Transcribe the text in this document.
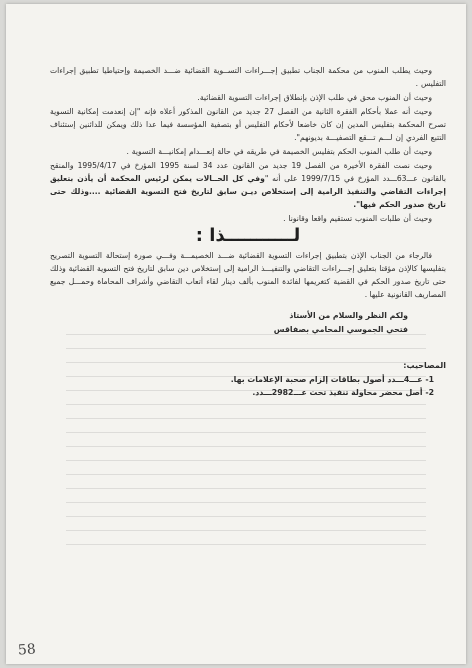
وحيث يطلب المنوب من محكمة الجناب تطبيق إجـــراءات التســوية القضائية ضـــد الخصيمة وإحتياطيا تطبيق إجراءات التفليس .

وحيث أن المنوب محق في طلب الإذن بإنطلاق إجراءات التسوية القضائية.

وحيث أنه عملا بأحكام الفقرة الثانية من الفصل 27 جديد من القانون المذكور أعلاه فإنه "إن إنعدمت إمكانية التسوية تصرح المحكمة بتفليس المدين إن كان خاضعا لأحكام التفليس أو بتصفية المؤسسة فيما عدا ذلك ويمكن للدائنين إستئناف التتبع الفردي إن لـــم تـــقع التصفيـــة بديونهم".

وحيث أن طلب المنوب الحكم بتفليس الخصيمة في طريقه في حالة إنعـــدام إمكانيـــة التسوية .

وحيث نصت الفقرة الأخيرة من الفصل 19 جديد من القانون عدد 34 لسنة 1995 المؤرخ في 1995/4/17 والمنقح بالقانون عـــ63ـــدد المؤرخ في 1999/7/15 على أنه "وفي كل الحــالات يمكن لرئيس المحكمة أن يأذن بتعليق إجراءات التقاضي والتنفيذ الرامية إلى إستخلاص ديـن سابق لتاريخ فتح التسوية القضائية ....وذلك حتى تاريخ صدور الحكم فيها".

وحيث أن طلبات المنوب تستقيم واقعا وقانونا .

لـــــــــــذا :

فالرجاء من الجناب الإذن بتطبيق إجراءات التسوية القضائية ضـــد الخصيمـــة وفـــي صورة إستحالة التسوية التصريح بتفليسها كالإذن مؤقتا بتعليق إجـــراءات التقاضي والتنفيـــذ الرامية إلى إستخلاص دين سابق لتاريخ فتح التسوية القضائية وذلك حتى تاريخ صدور الحكم في القضية كتغريمها لفائدة المنوب بألف دينار لقاء أتعاب التقاضي وأشراف المحاماة وحمـــل جميع المصاريف القانونية عليها .

ولكم النظر والسلام من الأستاذ
فتحي الجموسي المحامي بصفاقس
المصاحيب:
1- عـــ4ـــدد أصول بطاقات إلزام صحبة الإعلامات بها.
2- أصل محضر محاولة تنفيذ تحت عـــ2982ـــدد.
58
